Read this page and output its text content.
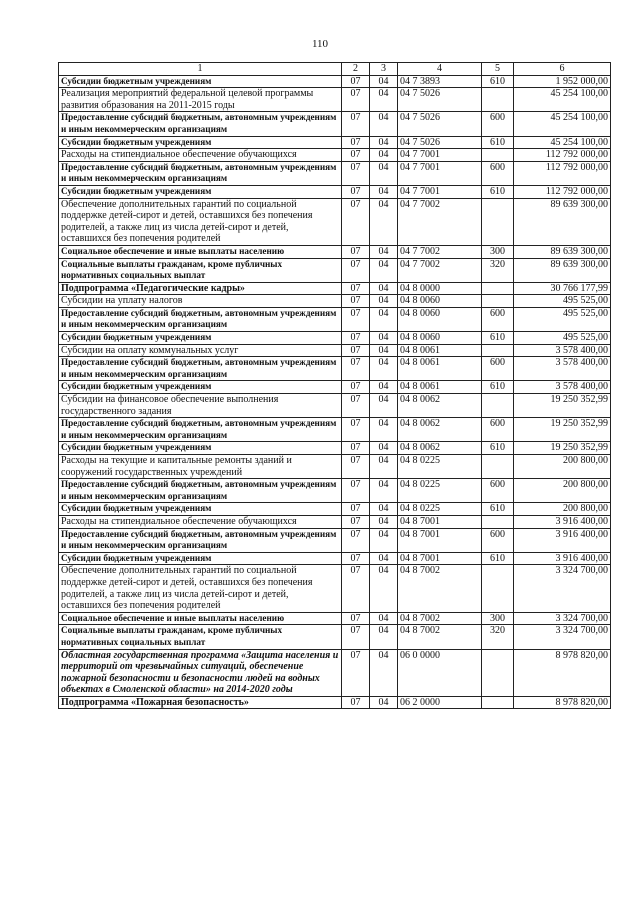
110
1	2	3	4	5	6
Субсидии бюджетным учреждениям	07	04	04 7 3893	610	1 952 000,00
Реализация мероприятий федеральной целевой программы развития образования на 2011-2015 годы	07	04	04 7 5026		45 254 100,00
Предоставление субсидий бюджетным, автономным учреждениям и иным некоммерческим организациям	07	04	04 7 5026	600	45 254 100,00
Субсидии бюджетным учреждениям	07	04	04 7 5026	610	45 254 100,00
Расходы на стипендиальное обеспечение обучающихся	07	04	04 7 7001		112 792 000,00
Предоставление субсидий бюджетным, автономным учреждениям и иным некоммерческим организациям	07	04	04 7 7001	600	112 792 000,00
Субсидии бюджетным учреждениям	07	04	04 7 7001	610	112 792 000,00
Обеспечение дополнительных гарантий по социальной поддержке детей-сирот и детей, оставшихся без попечения родителей, а также лиц из числа детей-сирот и детей, оставшихся без попечения родителей	07	04	04 7 7002		89 639 300,00
Социальное обеспечение и иные выплаты населению	07	04	04 7 7002	300	89 639 300,00
Социальные выплаты гражданам, кроме публичных нормативных социальных выплат	07	04	04 7 7002	320	89 639 300,00
Подпрограмма «Педагогические кадры»	07	04	04 8 0000		30 766 177,99
Субсидии на уплату налогов	07	04	04 8 0060		495 525,00
Предоставление субсидий бюджетным, автономным учреждениям и иным некоммерческим организациям	07	04	04 8 0060	600	495 525,00
Субсидии бюджетным учреждениям	07	04	04 8 0060	610	495 525,00
Субсидии на оплату коммунальных услуг	07	04	04 8 0061		3 578 400,00
Предоставление субсидий бюджетным, автономным учреждениям и иным некоммерческим организациям	07	04	04 8 0061	600	3 578 400,00
Субсидии бюджетным учреждениям	07	04	04 8 0061	610	3 578 400,00
Субсидии на финансовое обеспечение выполнения государственного задания	07	04	04 8 0062		19 250 352,99
Предоставление субсидий бюджетным, автономным учреждениям и иным некоммерческим организациям	07	04	04 8 0062	600	19 250 352,99
Субсидии бюджетным учреждениям	07	04	04 8 0062	610	19 250 352,99
Расходы на текущие и капитальные ремонты зданий и сооружений государственных учреждений	07	04	04 8 0225		200 800,00
Предоставление субсидий бюджетным, автономным учреждениям и иным некоммерческим организациям	07	04	04 8 0225	600	200 800,00
Субсидии бюджетным учреждениям	07	04	04 8 0225	610	200 800,00
Расходы на стипендиальное обеспечение обучающихся	07	04	04 8 7001		3 916 400,00
Предоставление субсидий бюджетным, автономным учреждениям и иным некоммерческим организациям	07	04	04 8 7001	600	3 916 400,00
Субсидии бюджетным учреждениям	07	04	04 8 7001	610	3 916 400,00
Обеспечение дополнительных гарантий по социальной поддержке детей-сирот и детей, оставшихся без попечения родителей, а также лиц из числа детей-сирот и детей, оставшихся без попечения родителей	07	04	04 8 7002		3 324 700,00
Социальное обеспечение и иные выплаты населению	07	04	04 8 7002	300	3 324 700,00
Социальные выплаты гражданам, кроме публичных нормативных социальных выплат	07	04	04 8 7002	320	3 324 700,00
Областная государственная программа «Защита населения и территорий от чрезвычайных ситуаций, обеспечение пожарной безопасности и безопасности людей на водных объектах в Смоленской области» на 2014-2020 годы	07	04	06 0 0000		8 978 820,00
Подпрограмма «Пожарная безопасность»	07	04	06 2 0000		8 978 820,00
